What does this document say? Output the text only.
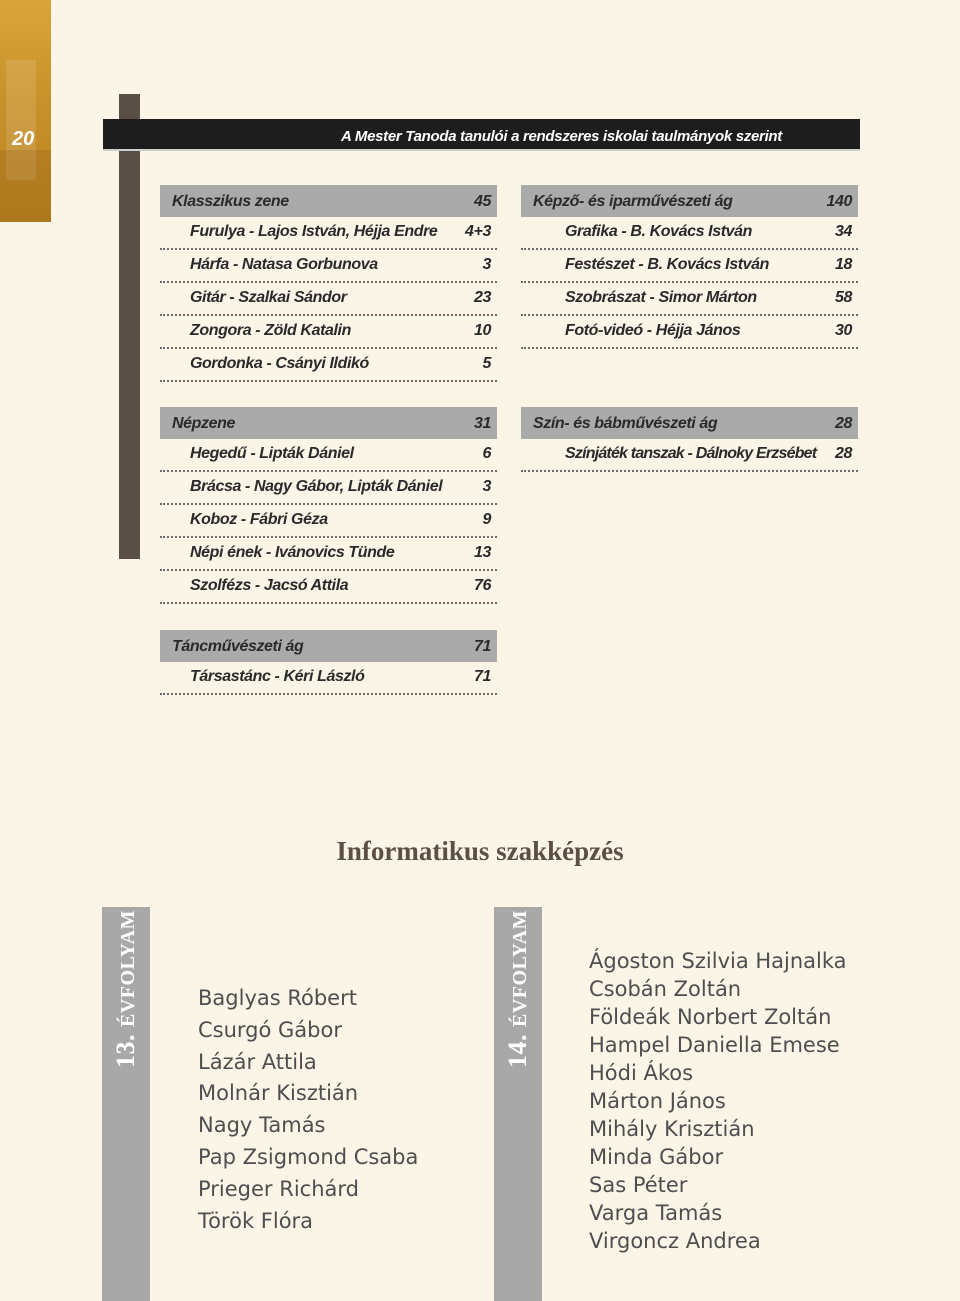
20	A Mester Tanoda tanulói a rendszeres iskolai taulmányok szerint
Klasszikus zene	45
Furulya - Lajos István, Héjja Endre 4+3
Hárfa - Natasa Gorbunova	3
Gitár - Szalkai Sándor	23
Zongora - Zöld Katalin	10
Gordonka - Csányi Ildikó	5
Népzene	31
Hegedű - Lipták Dániel	6
Brácsa - Nagy Gábor, Lipták Dániel	3
Koboz - Fábri Géza	9
Népi ének - Ivánovics Tünde	13
Szolfézs - Jacsó Attila	76
Táncművészeti ág	71
Társastánc - Kéri László	71
Képző- és iparművészeti ág	140
Grafika - B. Kovács István	34
Festészet - B. Kovács István	18
Szobrászat - Simor Márton	58
Fotó-videó - Héjja János	30
Szín- és bábművészeti ág	28
Színjáték tanszak - Dálnoky Erzsébet 28
Informatikus szakképzés
13. ÉVFOLYAM	Baglyas Róbert
Csurgó Gábor
Lázár Attila
Molnár Kisztián
Nagy Tamás
Pap Zsigmond Csaba
Prieger Richárd
Török Flóra
14. ÉVFOLYAM	Ágoston Szilvia Hajnalka
Csobán Zoltán
Földeák Norbert Zoltán
Hampel Daniella Emese
Hódi Ákos
Márton János
Mihály Krisztián
Minda Gábor
Sas Péter
Varga Tamás
Virgoncz Andrea
